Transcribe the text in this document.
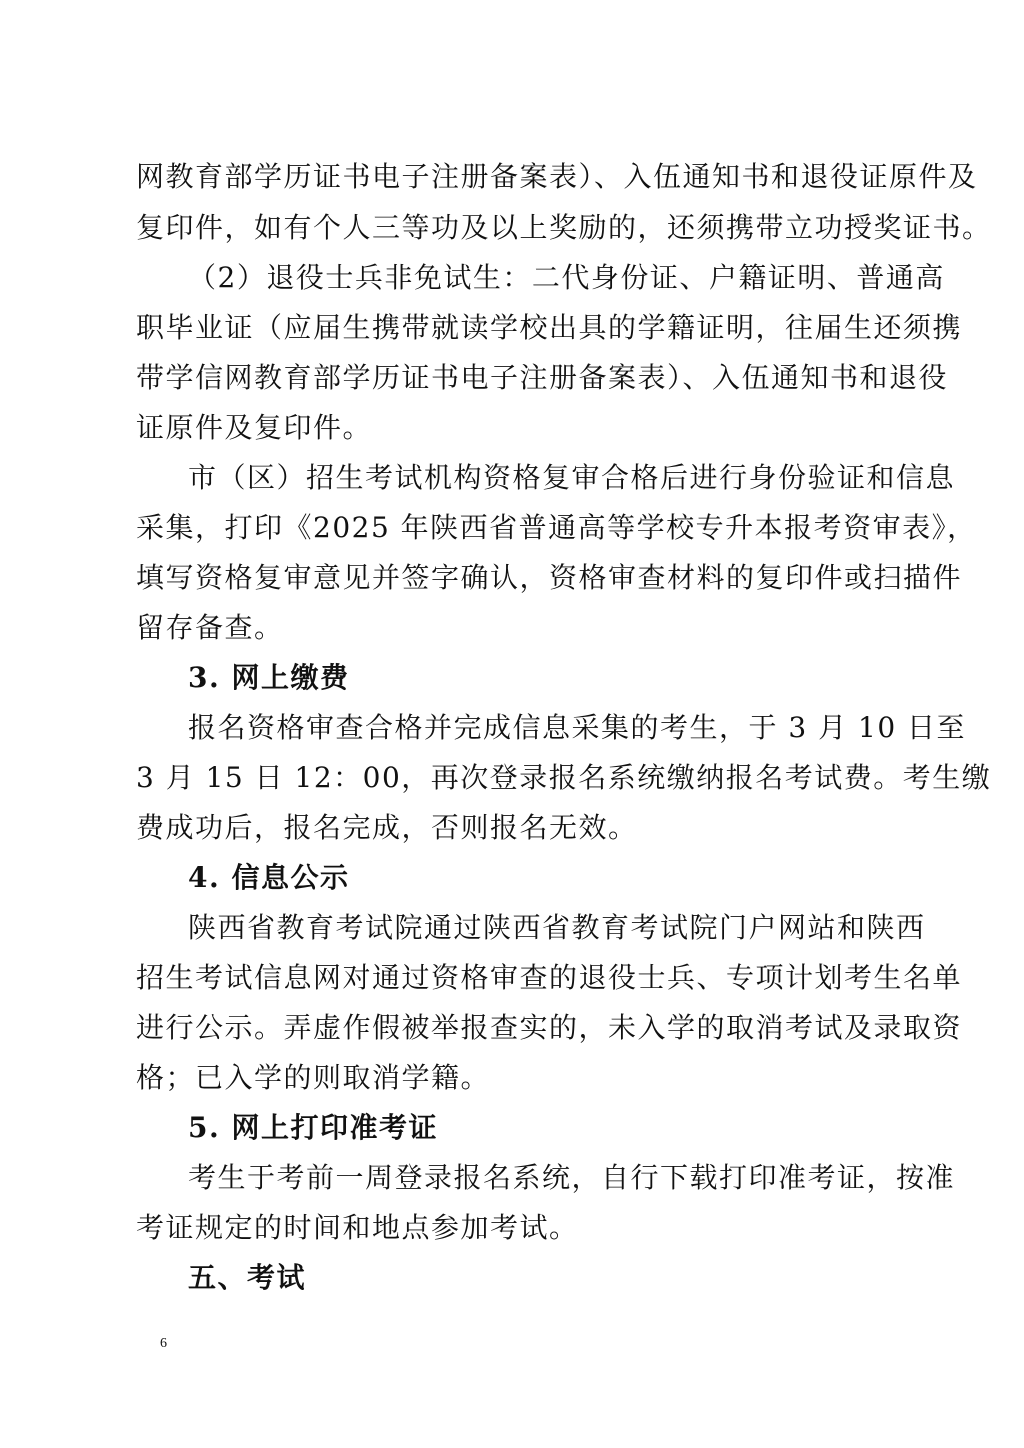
网教育部学历证书电子注册备案表）、入伍通知书和退役证原件及
复印件，如有个人三等功及以上奖励的，还须携带立功授奖证书。
（2）退役士兵非免试生：二代身份证、户籍证明、普通高
职毕业证（应届生携带就读学校出具的学籍证明，往届生还须携
带学信网教育部学历证书电子注册备案表）、入伍通知书和退役
证原件及复印件。
市（区）招生考试机构资格复审合格后进行身份验证和信息
采集，打印《2025 年陕西省普通高等学校专升本报考资审表》，
填写资格复审意见并签字确认，资格审查材料的复印件或扫描件
留存备查。
3. 网上缴费
报名资格审查合格并完成信息采集的考生，于 3 月 10 日至
3 月 15 日 12：00，再次登录报名系统缴纳报名考试费。考生缴
费成功后，报名完成，否则报名无效。
4. 信息公示
陕西省教育考试院通过陕西省教育考试院门户网站和陕西
招生考试信息网对通过资格审查的退役士兵、专项计划考生名单
进行公示。弄虚作假被举报查实的，未入学的取消考试及录取资
格；已入学的则取消学籍。
5. 网上打印准考证
考生于考前一周登录报名系统，自行下载打印准考证，按准
考证规定的时间和地点参加考试。
五、考试
6
